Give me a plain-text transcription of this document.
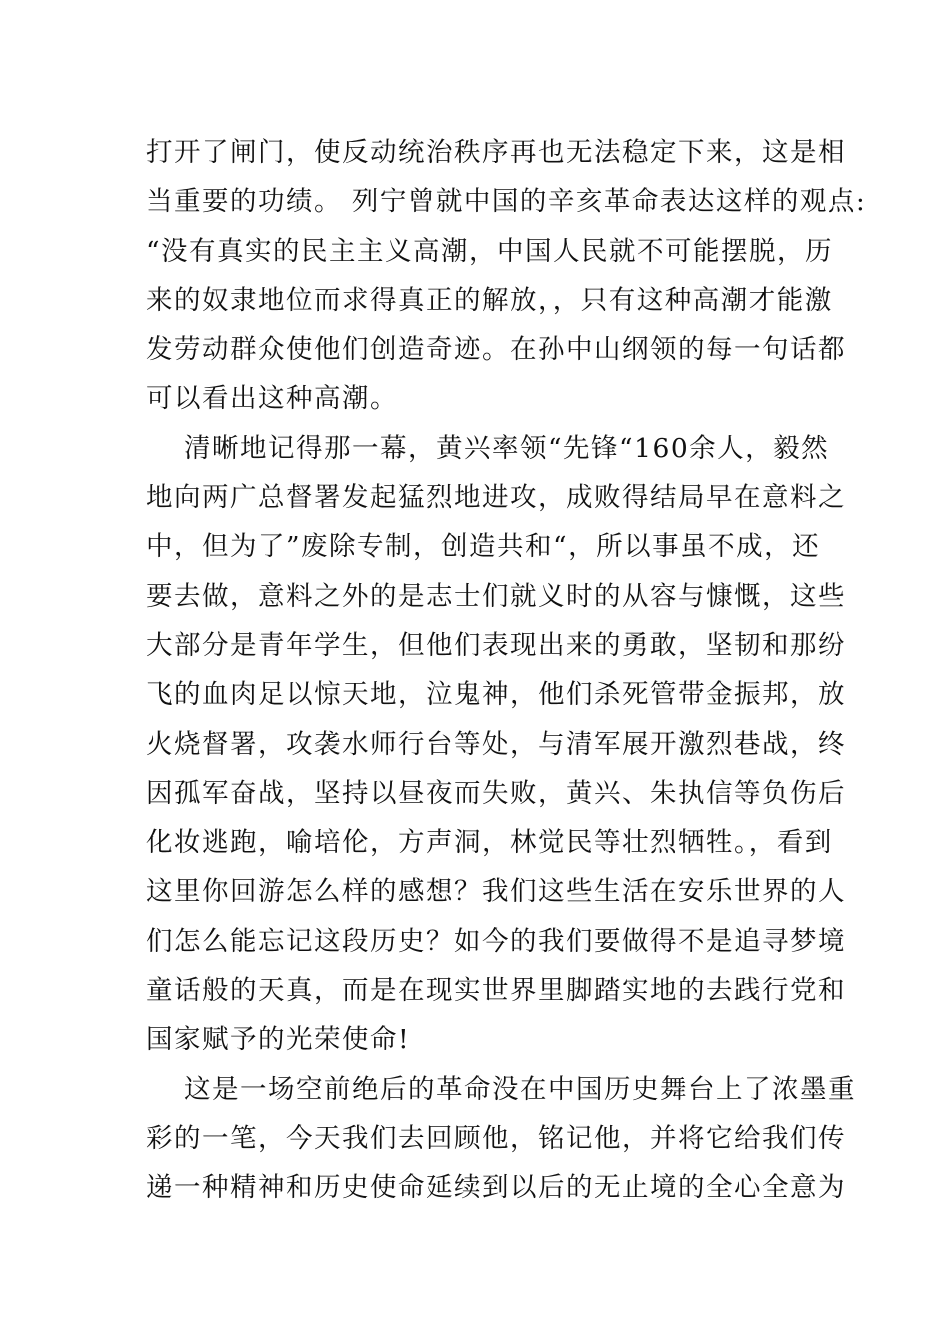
打开了闸门，使反动统治秩序再也无法稳定下来，这是相
当重要的功绩。 列宁曾就中国的辛亥革命表达这样的观点:
“没有真实的民主主义高潮，中国人民就不可能摆脱，历
来的奴隶地位而求得真正的解放，，只有这种高潮才能激
发劳动群众使他们创造奇迹。在孙中山纲领的每一句话都
可以看出这种高潮。
清晰地记得那一幕，黄兴率领“先锋“160余人，毅然
地向两广总督署发起猛烈地进攻，成败得结局早在意料之
中，但为了”废除专制，创造共和“，所以事虽不成，还
要去做，意料之外的是志士们就义时的从容与慷慨，这些
大部分是青年学生，但他们表现出来的勇敢，坚韧和那纷
飞的血肉足以惊天地，泣鬼神，他们杀死管带金振邦，放
火烧督署，攻袭水师行台等处，与清军展开激烈巷战，终
因孤军奋战，坚持以昼夜而失败，黄兴、朱执信等负伤后
化妆逃跑，喻培伦，方声洞，林觉民等壮烈牺牲。，看到
这里你回游怎么样的感想？我们这些生活在安乐世界的人
们怎么能忘记这段历史？如今的我们要做得不是追寻梦境
童话般的天真，而是在现实世界里脚踏实地的去践行党和
国家赋予的光荣使命!
这是一场空前绝后的革命没在中国历史舞台上了浓墨重
彩的一笔，今天我们去回顾他，铭记他，并将它给我们传
递一种精神和历史使命延续到以后的无止境的全心全意为
